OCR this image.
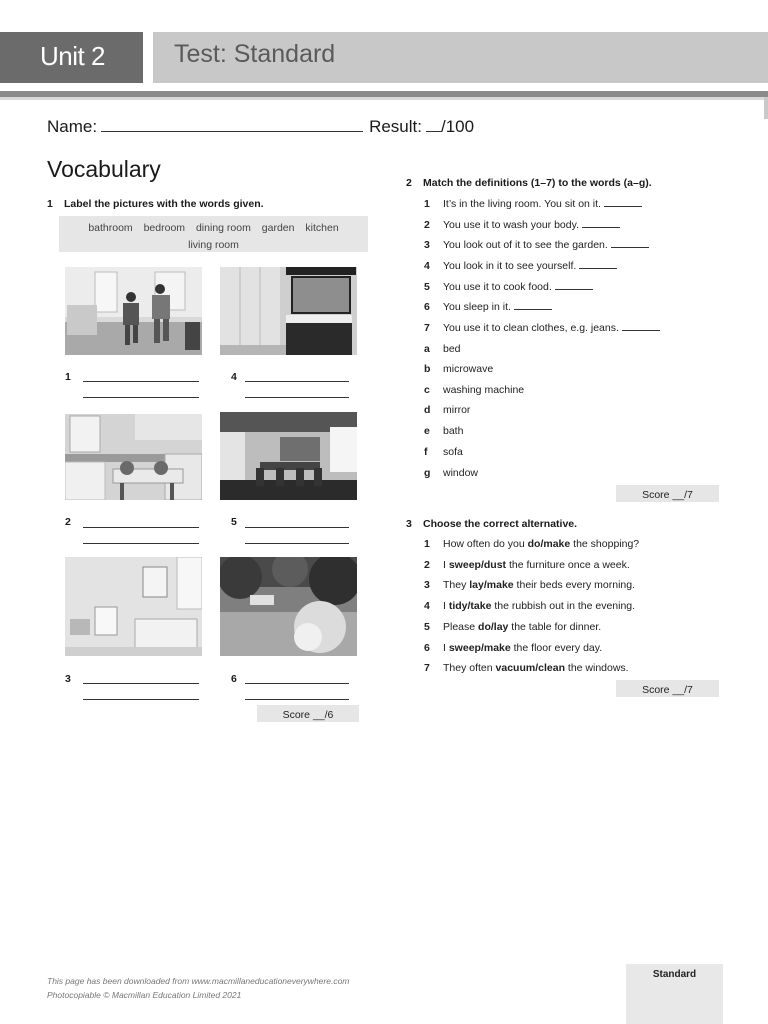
Unit 2	Test: Standard
Name:	Result: /100
Vocabulary
1 Label the pictures with the words given.
bathroom bedroom dining room garden kitchen
living room
1	4
2	5
3	6
Score __/6
2 Match the definitions (1–7) to the words (a–g).
1 It’s in the living room. You sit on it.
2 You use it to wash your body.
3 You look out of it to see the garden.
4 You look in it to see yourself.
5 You use it to cook food.
6 You sleep in it.
7 You use it to clean clothes, e.g. jeans.
a bed
b microwave
c washing machine
d mirror
e bath
f sofa
g window
Score __/7
3 Choose the correct alternative.
1 How often do you do/make the shopping?
2 I sweep/dust the furniture once a week.
3 They lay/make their beds every morning.
4 I tidy/take the rubbish out in the evening.
5 Please do/lay the table for dinner.
6 I sweep/make the floor every day.
7 They often vacuum/clean the windows.
Score __/7
This page has been downloaded from www.macmillaneducationeverywhere.com
Photocopiable © Macmillan Education Limited 2021
Standard
